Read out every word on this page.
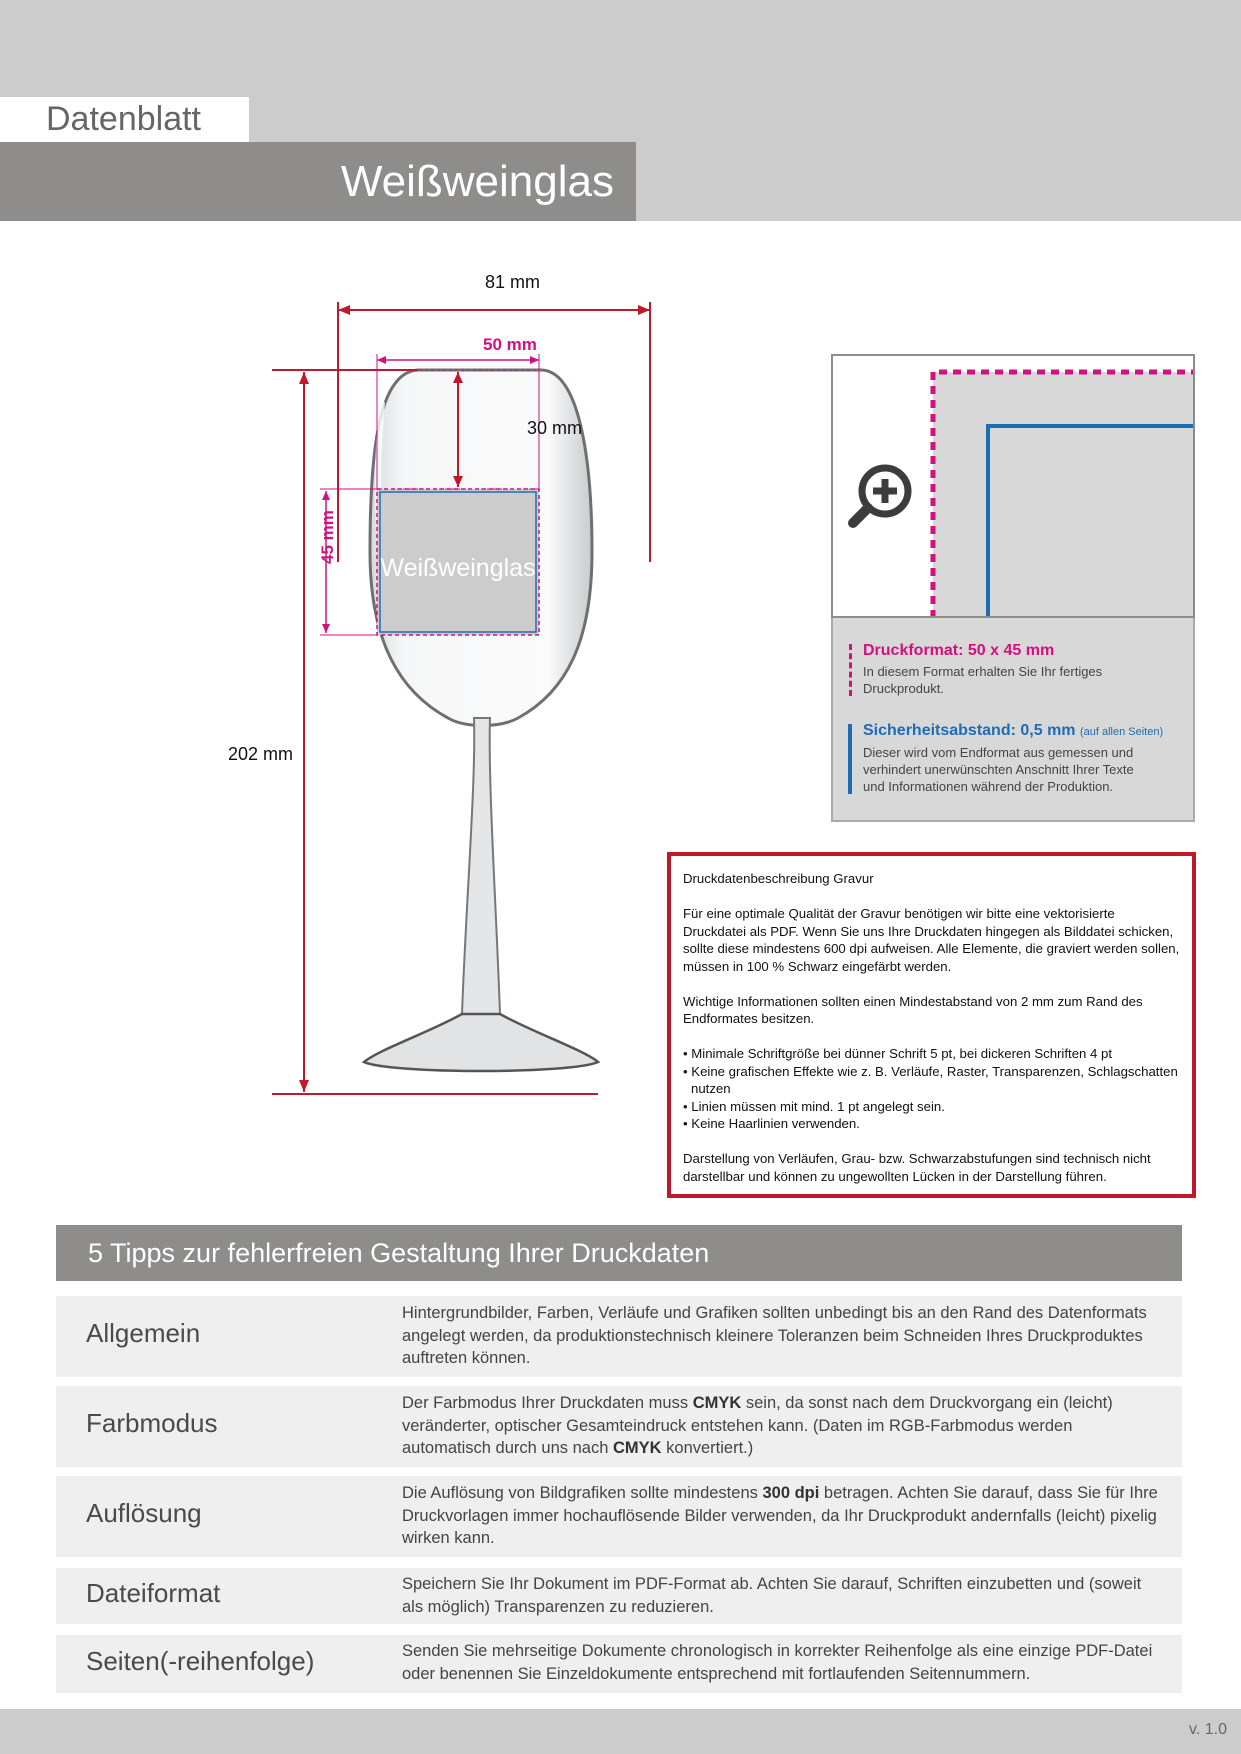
Datenblatt
Weißweinglas
81 mm
50 mm
30 mm
45 mm
202 mm
Weißweinglas
Druckformat: 50 x 45 mm
In diesem Format erhalten Sie Ihr fertiges
Druckprodukt.
Sicherheitsabstand: 0,5 mm (auf allen Seiten)
Dieser wird vom Endformat aus gemessen und
verhindert unerwünschten Anschnitt Ihrer Texte
und Informationen während der Produktion.

Druckdatenbeschreibung Gravur

Für eine optimale Qualität der Gravur benötigen wir bitte eine vektorisierte Druckdatei als PDF. Wenn Sie uns Ihre Druckdaten hingegen als Bilddatei schicken, sollte diese mindestens 600 dpi aufweisen. Alle Elemente, die graviert werden sollen, müssen in 100 % Schwarz eingefärbt werden.

Wichtige Informationen sollten einen Mindestabstand von 2 mm zum Rand des Endformates besitzen.

• Minimale Schriftgröße bei dünner Schrift 5 pt, bei dickeren Schriften 4 pt
• Keine grafischen Effekte wie z. B. Verläufe, Raster, Transparenzen, Schlagschatten nutzen
• Linien müssen mit mind. 1 pt angelegt sein.
• Keine Haarlinien verwenden.

Darstellung von Verläufen, Grau- bzw. Schwarzabstufungen sind technisch nicht darstellbar und können zu ungewollten Lücken in der Darstellung führen.

5 Tipps zur fehlerfreien Gestaltung Ihrer Druckdaten
Allgemein
Hintergrundbilder, Farben, Verläufe und Grafiken sollten unbedingt bis an den Rand des Datenformats angelegt werden, da produktionstechnisch kleinere Toleranzen beim Schneiden Ihres Druckproduktes auftreten können.
Farbmodus
Der Farbmodus Ihrer Druckdaten muss CMYK sein, da sonst nach dem Druckvorgang ein (leicht) veränderter, optischer Gesamteindruck entstehen kann. (Daten im RGB-Farbmodus werden automatisch durch uns nach CMYK konvertiert.)
Auflösung
Die Auflösung von Bildgrafiken sollte mindestens 300 dpi betragen. Achten Sie darauf, dass Sie für Ihre Druckvorlagen immer hochauflösende Bilder verwenden, da Ihr Druckprodukt andernfalls (leicht) pixelig wirken kann.
Dateiformat	Speichern Sie Ihr Dokument im PDF-Format ab. Achten Sie darauf, Schriften einzubetten und (soweit als möglich) Transparenzen zu reduzieren.
Seiten(-reihenfolge)	Senden Sie mehrseitige Dokumente chronologisch in korrekter Reihenfolge als eine einzige PDF-Datei oder benennen Sie Einzeldokumente entsprechend mit fortlaufenden Seitennummern.
v. 1.0
